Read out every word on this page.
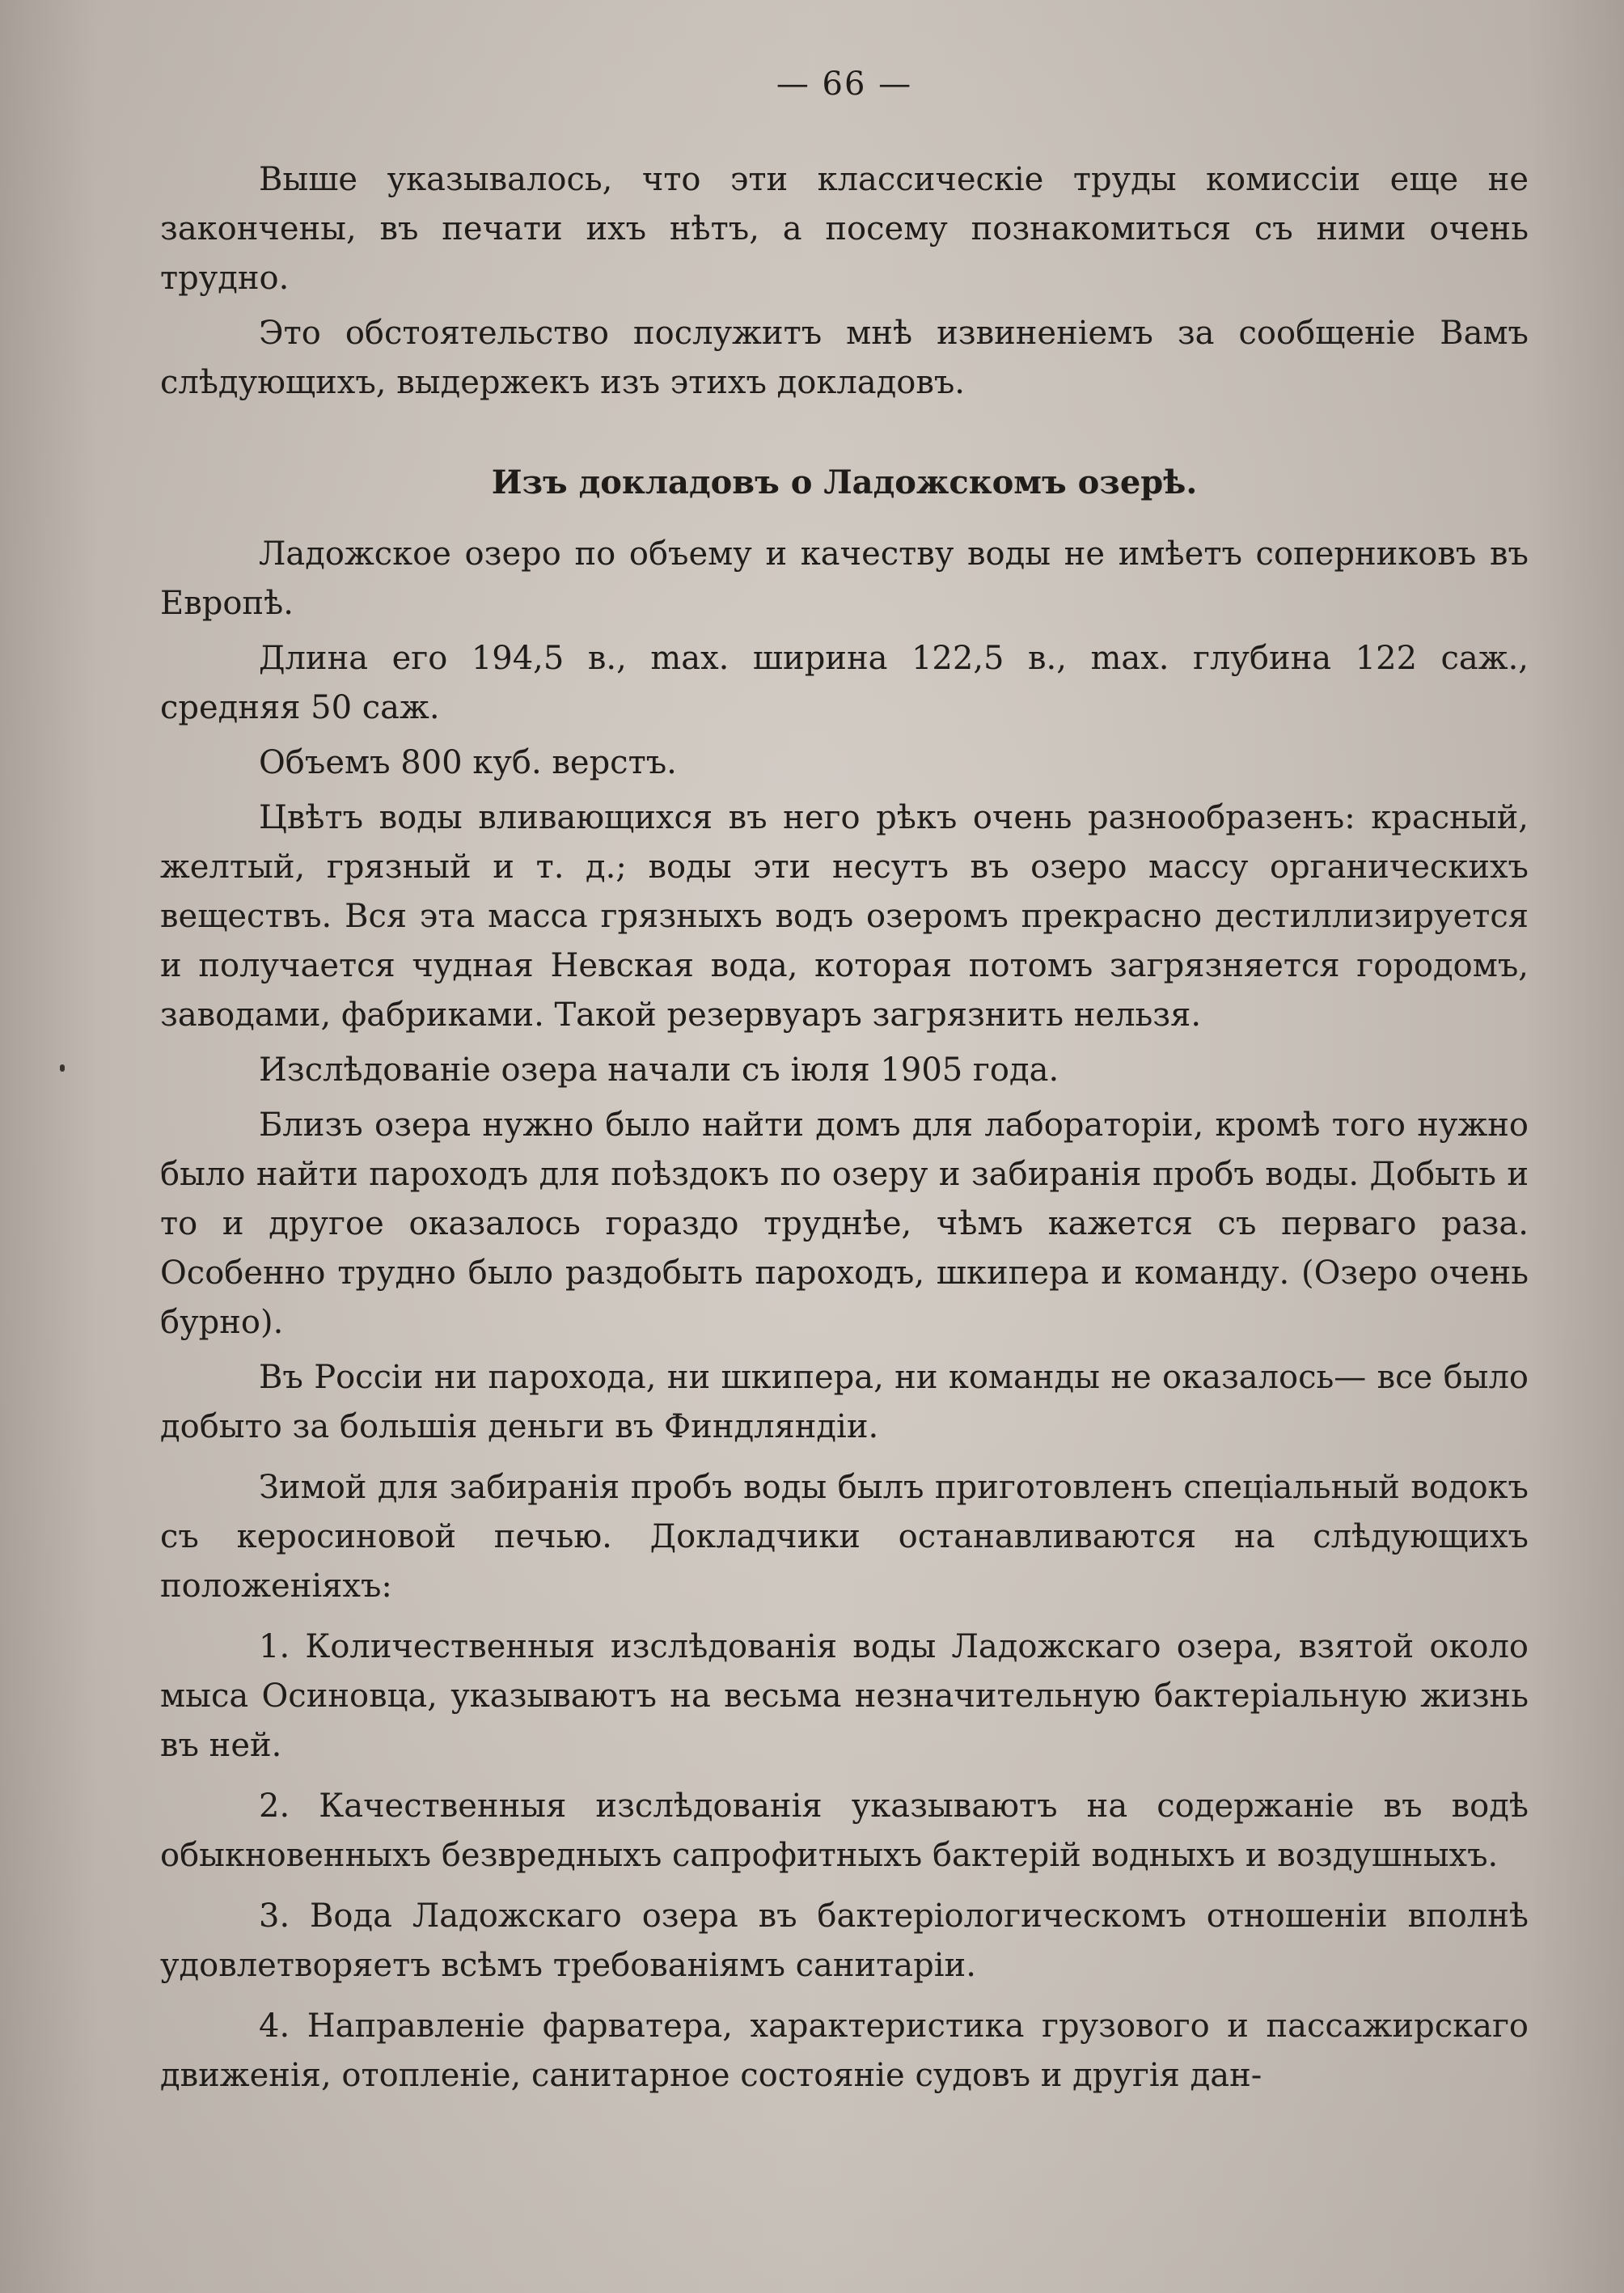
— 66 —

Выше указывалось, что эти классическіе труды комиссіи еще не закончены, въ печати ихъ нѣтъ, а посему познакомиться съ ними очень трудно.

Это обстоятельство послужитъ мнѣ извиненіемъ за сообщеніе Вамъ слѣдующихъ, выдержекъ изъ этихъ докладовъ.

Изъ докладовъ о Ладожскомъ озерѣ.

Ладожское озеро по объему и качеству воды не имѣетъ соперниковъ въ Европѣ.

Длина его 194,5 в., max. ширина 122,5 в., max. глубина 122 саж., средняя 50 саж.

Объемъ 800 куб. верстъ.

Цвѣтъ воды вливающихся въ него рѣкъ очень разнообразенъ: красный, желтый, грязный и т. д.; воды эти несутъ въ озеро массу органическихъ веществъ. Вся эта масса грязныхъ водъ озеромъ прекрасно дестиллизируется и получается чудная Невская вода, которая потомъ загрязняется городомъ, заводами, фабриками. Такой резервуаръ загрязнить нельзя.

Изслѣдованіе озера начали съ іюля 1905 года.

Близъ озера нужно было найти домъ для лабораторіи, кромѣ того нужно было найти пароходъ для поѣздокъ по озеру и забиранія пробъ воды. Добыть и то и другое оказалось гораздо труднѣе, чѣмъ кажется съ перваго раза. Особенно трудно было раздобыть пароходъ, шкипера и команду. (Озеро очень бурно).

Въ Россіи ни парохода, ни шкипера, ни команды не оказалось— все было добыто за большія деньги въ Финдляндіи.

Зимой для забиранія пробъ воды былъ приготовленъ спеціальный водокъ съ керосиновой печью. Докладчики останавливаются на слѣдующихъ положеніяхъ:

1. Количественныя изслѣдованія воды Ладожскаго озера, взятой около мыса Осиновца, указываютъ на весьма незначительную бактеріальную жизнь въ ней.

2. Качественныя изслѣдованія указываютъ на содержаніе въ водѣ обыкновенныхъ безвредныхъ сапрофитныхъ бактерій водныхъ и воздушныхъ.

3. Вода Ладожскаго озера въ бактеріологическомъ отношеніи вполнѣ удовлетворяетъ всѣмъ требованіямъ санитаріи.

4. Направленіе фарватера, характеристика грузового и пассажирскаго движенія, отопленіе, санитарное состояніе судовъ и другія дан-
